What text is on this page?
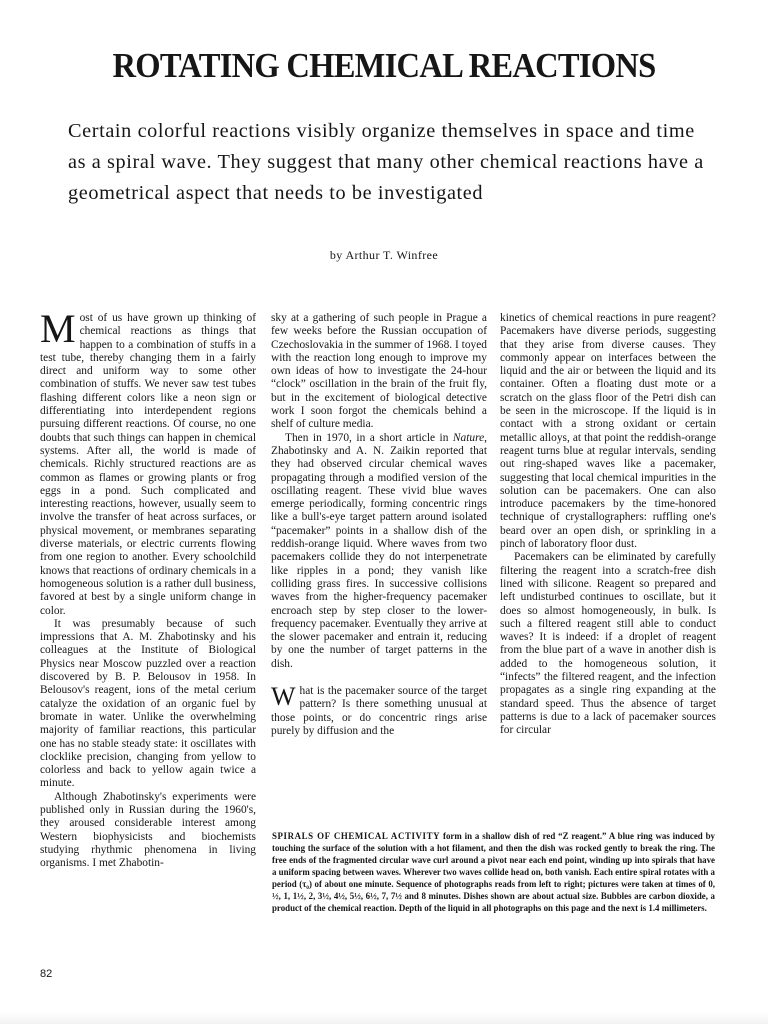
ROTATING CHEMICAL REACTIONS
Certain colorful reactions visibly organize themselves in space and time as a spiral wave. They suggest that many other chemical reactions have a geometrical aspect that needs to be investigated
by Arthur T. Winfree

Most of us have grown up thinking of chemical reactions as things that happen to a combination of stuffs in a test tube, thereby changing them in a fairly direct and uniform way to some other combination of stuffs. We never saw test tubes flashing different colors like a neon sign or differentiating into interdependent regions pursuing different reactions. Of course, no one doubts that such things can happen in chemical systems. After all, the world is made of chemicals. Richly structured reactions are as common as flames or growing plants or frog eggs in a pond. Such complicated and interesting reactions, however, usually seem to involve the transfer of heat across surfaces, or physical movement, or membranes separating diverse materials, or electric currents flowing from one region to another. Every schoolchild knows that reactions of ordinary chemicals in a homogeneous solution is a rather dull business, favored at best by a single uniform change in color.

It was presumably because of such impressions that A. M. Zhabotinsky and his colleagues at the Institute of Biological Physics near Moscow puzzled over a reaction discovered by B. P. Belousov in 1958. In Belousov's reagent, ions of the metal cerium catalyze the oxidation of an organic fuel by bromate in water. Unlike the overwhelming majority of familiar reactions, this particular one has no stable steady state: it oscillates with clocklike precision, changing from yellow to colorless and back to yellow again twice a minute.

Although Zhabotinsky's experiments were published only in Russian during the 1960's, they aroused considerable interest among Western biophysicists and biochemists studying rhythmic phenomena in living organisms. I met Zhabotin-

sky at a gathering of such people in Prague a few weeks before the Russian occupation of Czechoslovakia in the summer of 1968. I toyed with the reaction long enough to improve my own ideas of how to investigate the 24-hour “clock” oscillation in the brain of the fruit fly, but in the excitement of biological detective work I soon forgot the chemicals behind a shelf of culture media.

Then in 1970, in a short article in Nature, Zhabotinsky and A. N. Zaikin reported that they had observed circular chemical waves propagating through a modified version of the oscillating reagent. These vivid blue waves emerge periodically, forming concentric rings like a bull's-eye target pattern around isolated “pacemaker” points in a shallow dish of the reddish-orange liquid. Where waves from two pacemakers collide they do not interpenetrate like ripples in a pond; they vanish like colliding grass fires. In successive collisions waves from the higher-frequency pacemaker encroach step by step closer to the lower-frequency pacemaker. Eventually they arrive at the slower pacemaker and entrain it, reducing by one the number of target patterns in the dish.

What is the pacemaker source of the target pattern? Is there something unusual at those points, or do concentric rings arise purely by diffusion and the

kinetics of chemical reactions in pure reagent? Pacemakers have diverse periods, suggesting that they arise from diverse causes. They commonly appear on interfaces between the liquid and the air or between the liquid and its container. Often a floating dust mote or a scratch on the glass floor of the Petri dish can be seen in the microscope. If the liquid is in contact with a strong oxidant or certain metallic alloys, at that point the reddish-orange reagent turns blue at regular intervals, sending out ring-shaped waves like a pacemaker, suggesting that local chemical impurities in the solution can be pacemakers. One can also introduce pacemakers by the time-honored technique of crystallographers: ruffling one's beard over an open dish, or sprinkling in a pinch of laboratory floor dust.

Pacemakers can be eliminated by carefully filtering the reagent into a scratch-free dish lined with silicone. Reagent so prepared and left undisturbed continues to oscillate, but it does so almost homogeneously, in bulk. Is such a filtered reagent still able to conduct waves? It is indeed: if a droplet of reagent from the blue part of a wave in another dish is added to the homogeneous solution, it “infects” the filtered reagent, and the infection propagates as a single ring expanding at the standard speed. Thus the absence of target patterns is due to a lack of pacemaker sources for circular

SPIRALS OF CHEMICAL ACTIVITY form in a shallow dish of red “Z reagent.” A blue ring was induced by touching the surface of the solution with a hot filament, and then the dish was rocked gently to break the ring. The free ends of the fragmented circular wave curl around a pivot near each end point, winding up into spirals that have a uniform spacing between waves. Wherever two waves collide head on, both vanish. Each entire spiral rotates with a period (τ₀) of about one minute. Sequence of photographs reads from left to right; pictures were taken at times of 0, ½, 1, 1½, 2, 3½, 4½, 5½, 6½, 7, 7½ and 8 minutes. Dishes shown are about actual size. Bubbles are carbon dioxide, a product of the chemical reaction. Depth of the liquid in all photographs on this page and the next is 1.4 millimeters.
82
